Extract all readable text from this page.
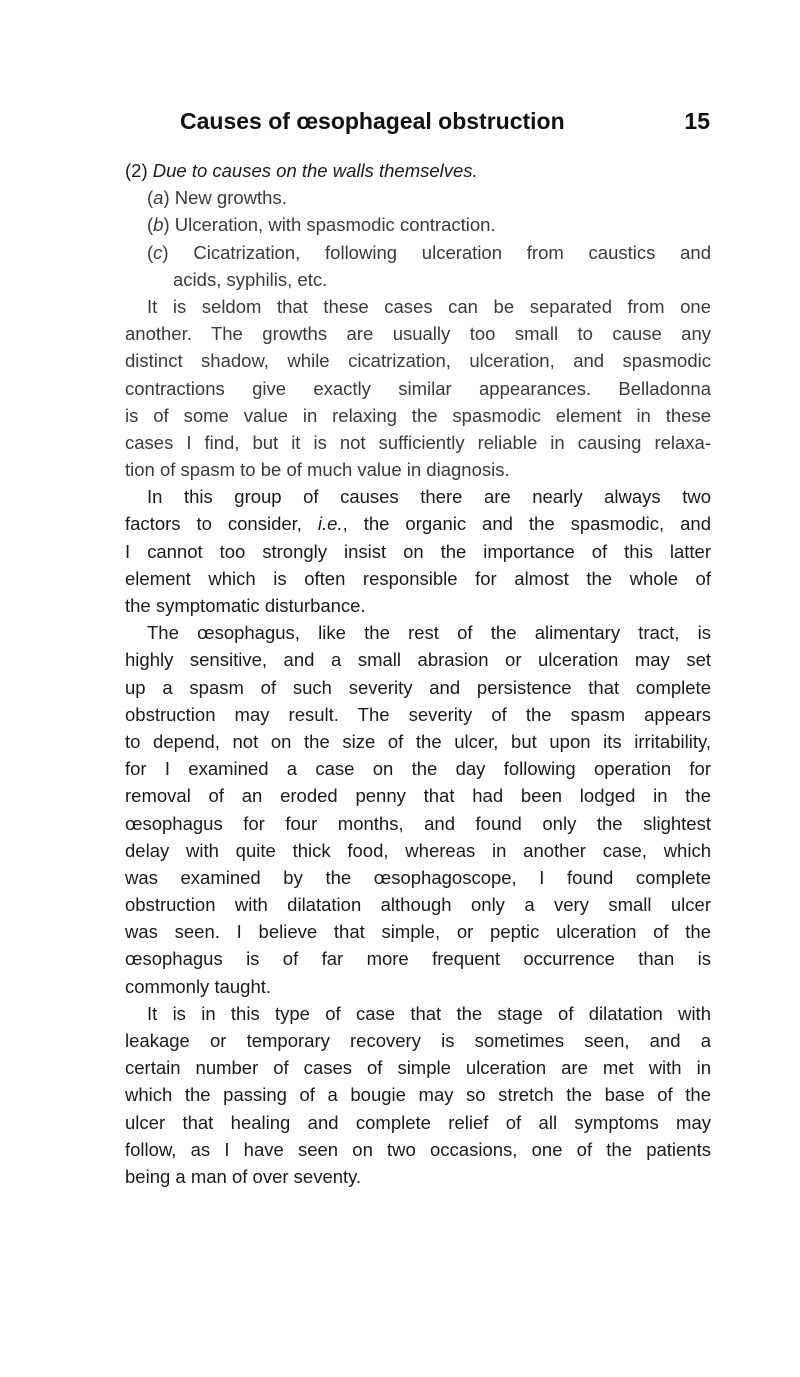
Causes of œsophageal obstruction	15
(2) Due to causes on the walls themselves.
(a) New growths.
(b) Ulceration, with spasmodic contraction.
(c) Cicatrization, following ulceration from caustics and
acids, syphilis, etc.
It is seldom that these cases can be separated from one
another. The growths are usually too small to cause any
distinct shadow, while cicatrization, ulceration, and spasmodic
contractions give exactly similar appearances. Belladonna
is of some value in relaxing the spasmodic element in these
cases I find, but it is not sufficiently reliable in causing relaxa-
tion of spasm to be of much value in diagnosis.
In this group of causes there are nearly always two
factors to consider, i.e., the organic and the spasmodic, and
I cannot too strongly insist on the importance of this latter
element which is often responsible for almost the whole of
the symptomatic disturbance.
The œsophagus, like the rest of the alimentary tract, is
highly sensitive, and a small abrasion or ulceration may set
up a spasm of such severity and persistence that complete
obstruction may result. The severity of the spasm appears
to depend, not on the size of the ulcer, but upon its irritability,
for I examined a case on the day following operation for
removal of an eroded penny that had been lodged in the
œsophagus for four months, and found only the slightest
delay with quite thick food, whereas in another case, which
was examined by the œsophagoscope, I found complete
obstruction with dilatation although only a very small ulcer
was seen. I believe that simple, or peptic ulceration of the
œsophagus is of far more frequent occurrence than is
commonly taught.
It is in this type of case that the stage of dilatation with
leakage or temporary recovery is sometimes seen, and a
certain number of cases of simple ulceration are met with in
which the passing of a bougie may so stretch the base of the
ulcer that healing and complete relief of all symptoms may
follow, as I have seen on two occasions, one of the patients
being a man of over seventy.
